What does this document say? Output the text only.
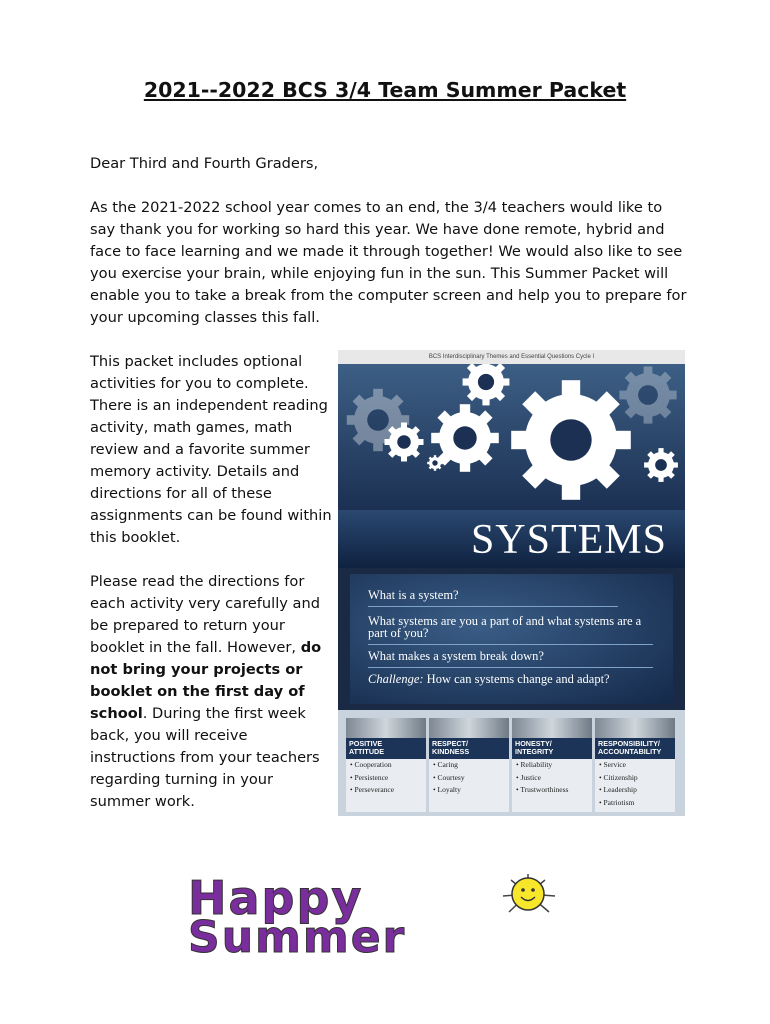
2021--2022 BCS 3/4 Team Summer Packet

Dear Third and Fourth Graders,

As the 2021-2022 school year comes to an end, the 3/4 teachers would like to say thank you for working so hard this year. We have done remote, hybrid and face to face learning and we made it through together! We would also like to see you exercise your brain, while enjoying fun in the sun. This Summer Packet will enable you to take a break from the computer screen and help you to prepare for your upcoming classes this fall.

This packet includes optional activities for you to complete. There is an independent reading activity, math games, math review and a favorite summer memory activity. Details and directions for all of these assignments can be found within this booklet.

Please read the directions for each activity very carefully and be prepared to return your booklet in the fall. However, do not bring your projects or booklet on the first day of school. During the first week back, you will receive instructions from your teachers regarding turning in your summer work.

BCS Interdisciplinary Themes and Essential Questions Cycle I
SYSTEMS

What is a system?

What systems are you a part of and what systems are a part of you?

What makes a system break down?

Challenge: How can systems change and adapt?

POSITIVE
ATTITUDE
• Cooperation
• Persistence
• Perseverance
RESPECT/
KINDNESS
• Caring
• Courtesy
• Loyalty
HONESTY/
INTEGRITY
• Reliability
• Justice
• Trustworthiness
RESPONSIBILITY/
ACCOUNTABILITY
• Service
• Citizenship
• Leadership
• Patriotism
Happy
Summer
